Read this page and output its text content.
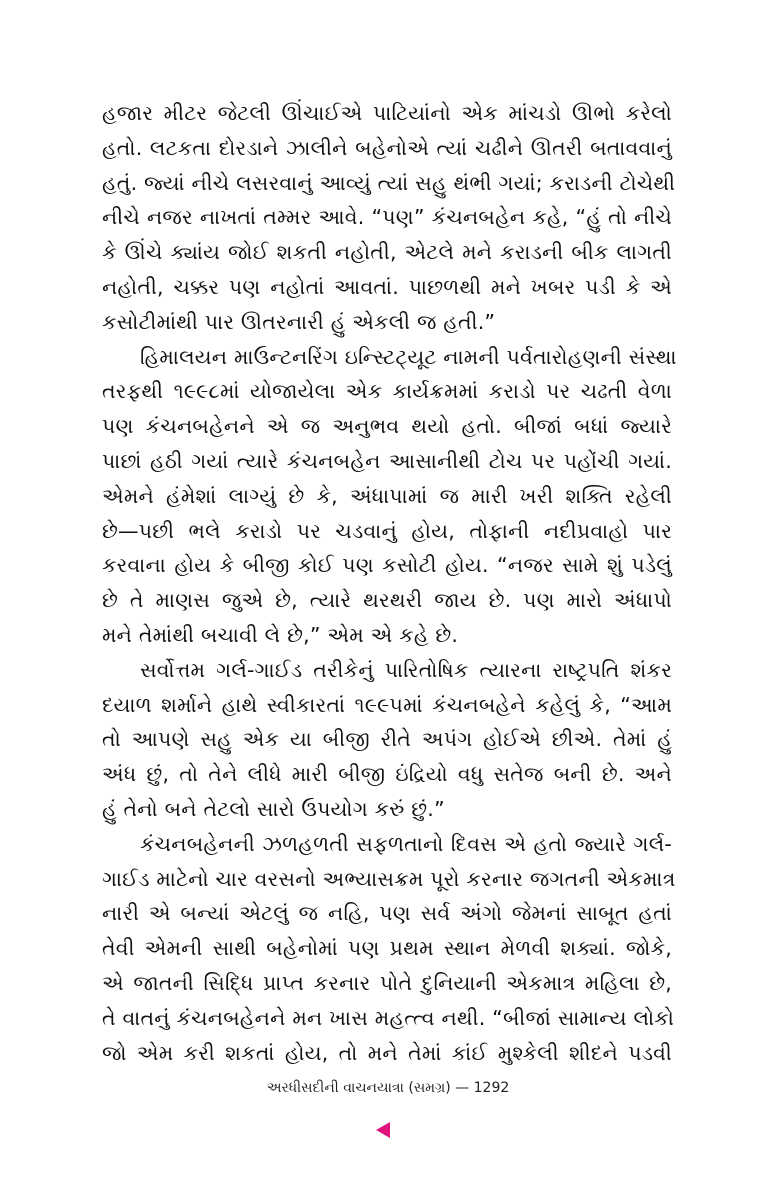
હજાર મીટર જેટલી ઊંચાઈએ પાટિયાંનો એક માંચડો ઊભો કરેલો
હતો. લટકતા દોરડાને ઝાલીને બહેનોએ ત્યાં ચઢીને ઊતરી બતાવવાનું
હતું. જ્યાં નીચે લસરવાનું આવ્યું ત્યાં સહુ થંભી ગયાં; કરાડની ટોચેથી
નીચે નજર નાખતાં તમ્મર આવે. “પણ” કંચનબહેન કહે, “હું તો નીચે
કે ઊંચે ક્યાંય જોઈ શકતી નહોતી, એટલે મને કરાડની બીક લાગતી
નહોતી, ચક્કર પણ નહોતાં આવતાં. પાછળથી મને ખબર પડી કે એ
કસોટીમાંથી પાર ઊતરનારી હું એકલી જ હતી.”
હિમાલયન માઉન્ટનરિંગ ઇન્સ્ટિટ્યૂટ નામની પર્વતારોહણની સંસ્થા
તરફથી ૧૯૯૮માં યોજાયેલા એક કાર્યક્રમમાં કરાડો પર ચઢતી વેળા
પણ કંચનબહેનને એ જ અનુભવ થયો હતો. બીજાં બધાં જ્યારે
પાછાં હઠી ગયાં ત્યારે કંચનબહેન આસાનીથી ટોચ પર પહોંચી ગયાં.
એમને હંમેશાં લાગ્યું છે કે, અંધાપામાં જ મારી ખરી શક્તિ રહેલી
છે—પછી ભલે કરાડો પર ચડવાનું હોય, તોફાની નદીપ્રવાહો પાર
કરવાના હોય કે બીજી કોઈ પણ કસોટી હોય. “નજર સામે શું પડેલું
છે તે માણસ જુએ છે, ત્યારે થરથરી જાય છે. પણ મારો અંધાપો
મને તેમાંથી બચાવી લે છે,” એમ એ કહે છે.
સર્વોત્તમ ગર્લ-ગાઈડ તરીકેનું પારિતોષિક ત્યારના રાષ્ટ્રપતિ શંકર
દયાળ શર્માને હાથે સ્વીકારતાં ૧૯૯૫માં કંચનબહેને કહેલું કે, “આમ
તો આપણે સહુ એક યા બીજી રીતે અપંગ હોઈએ છીએ. તેમાં હું
અંધ છું, તો તેને લીધે મારી બીજી ઇંદ્રિયો વધુ સતેજ બની છે. અને
હું તેનો બને તેટલો સારો ઉપયોગ કરું છું.”
કંચનબહેનની ઝળહળતી સફળતાનો દિવસ એ હતો જ્યારે ગર્લ-
ગાઈડ માટેનો ચાર વરસનો અભ્યાસક્રમ પૂરો કરનાર જગતની એકમાત્ર
નારી એ બન્યાં એટલું જ નહિ, પણ સર્વ અંગો જેમનાં સાબૂત હતાં
તેવી એમની સાથી બહેનોમાં પણ પ્રથમ સ્થાન મેળવી શક્યાં. જોકે,
એ જાતની સિદ્ધિ પ્રાપ્ત કરનાર પોતે દુનિયાની એકમાત્ર મહિલા છે,
તે વાતનું કંચનબહેનને મન ખાસ મહત્ત્વ નથી. “બીજાં સામાન્ય લોકો
જો એમ કરી શકતાં હોય, તો મને તેમાં કાંઈ મુશ્કેલી શીદને પડવી
અરધીસદીની વાચનયાત્રા (સમગ્ર) — 1292
